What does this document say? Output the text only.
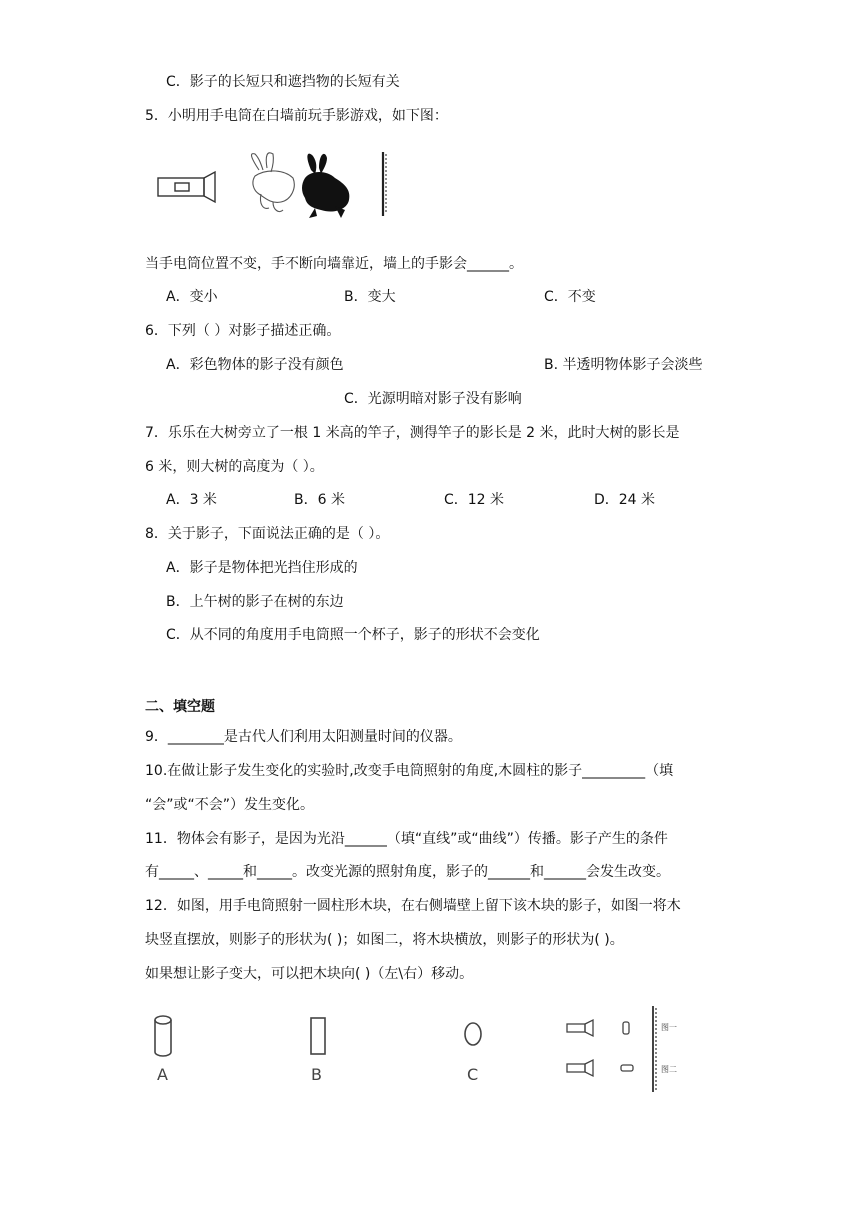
C．影子的长短只和遮挡物的长短有关
5．小明用手电筒在白墙前玩手影游戏，如下图：
当手电筒位置不变，手不断向墙靠近，墙上的手影会______。
A．变小	B．变大	C．不变
6．下列（ ）对影子描述正确。
A．彩色物体的影子没有颜色	B. 半透明物体影子会淡些
C．光源明暗对影子没有影响
7．乐乐在大树旁立了一根 1 米高的竿子，测得竿子的影长是 2 米，此时大树的影长是
6 米，则大树的高度为（ ）。
A．3 米	B．6 米	C．12 米	D．24 米
8．关于影子，下面说法正确的是（ ）。
A．影子是物体把光挡住形成的
B．上午树的影子在树的东边
C．从不同的角度用手电筒照一个杯子，影子的形状不会变化
二、填空题
9．________是古代人们利用太阳测量时间的仪器。
10.在做让影子发生变化的实验时,改变手电筒照射的角度,木圆柱的影子_________（填
“会”或“不会”）发生变化。
11．物体会有影子，是因为光沿______（填“直线”或“曲线”）传播。影子产生的条件
有_____、_____和_____。改变光源的照射角度，影子的______和______会发生改变。
12．如图，用手电筒照射一圆柱形木块，在右侧墙壁上留下该木块的影子，如图一将木
块竖直摆放，则影子的形状为( )；如图二，将木块横放，则影子的形状为( )。
如果想让影子变大，可以把木块向( )（左\右）移动。
A	B	C
图一
图二
